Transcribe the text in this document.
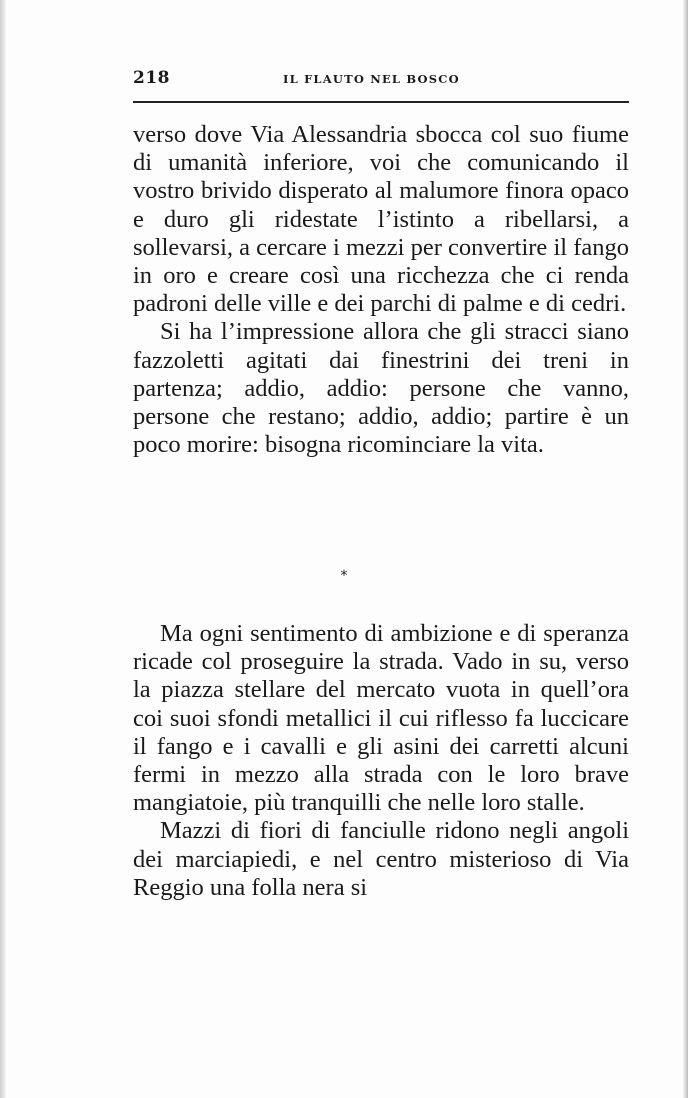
218	IL FLAUTO NEL BOSCO

verso dove Via Alessandria sbocca col suo fiume di umanità inferiore, voi che comunicando il vostro brivido disperato al malumore finora opaco e duro gli ridestate l’istinto a ribellarsi, a sollevarsi, a cercare i mezzi per convertire il fango in oro e creare così una ricchezza che ci renda padroni delle ville e dei parchi di palme e di cedri.

Si ha l’impressione allora che gli stracci siano fazzoletti agitati dai finestrini dei treni in partenza; addio, addio: persone che vanno, persone che restano; addio, addio; partire è un poco morire: bisogna ricominciare la vita.

*

Ma ogni sentimento di ambizione e di speranza ricade col proseguire la strada. Vado in su, verso la piazza stellare del mercato vuota in quell’ora coi suoi sfondi metallici il cui riflesso fa luccicare il fango e i cavalli e gli asini dei carretti alcuni fermi in mezzo alla strada con le loro brave mangiatoie, più tranquilli che nelle loro stalle.

Mazzi di fiori di fanciulle ridono negli angoli dei marciapiedi, e nel centro misterioso di Via Reggio una folla nera si
